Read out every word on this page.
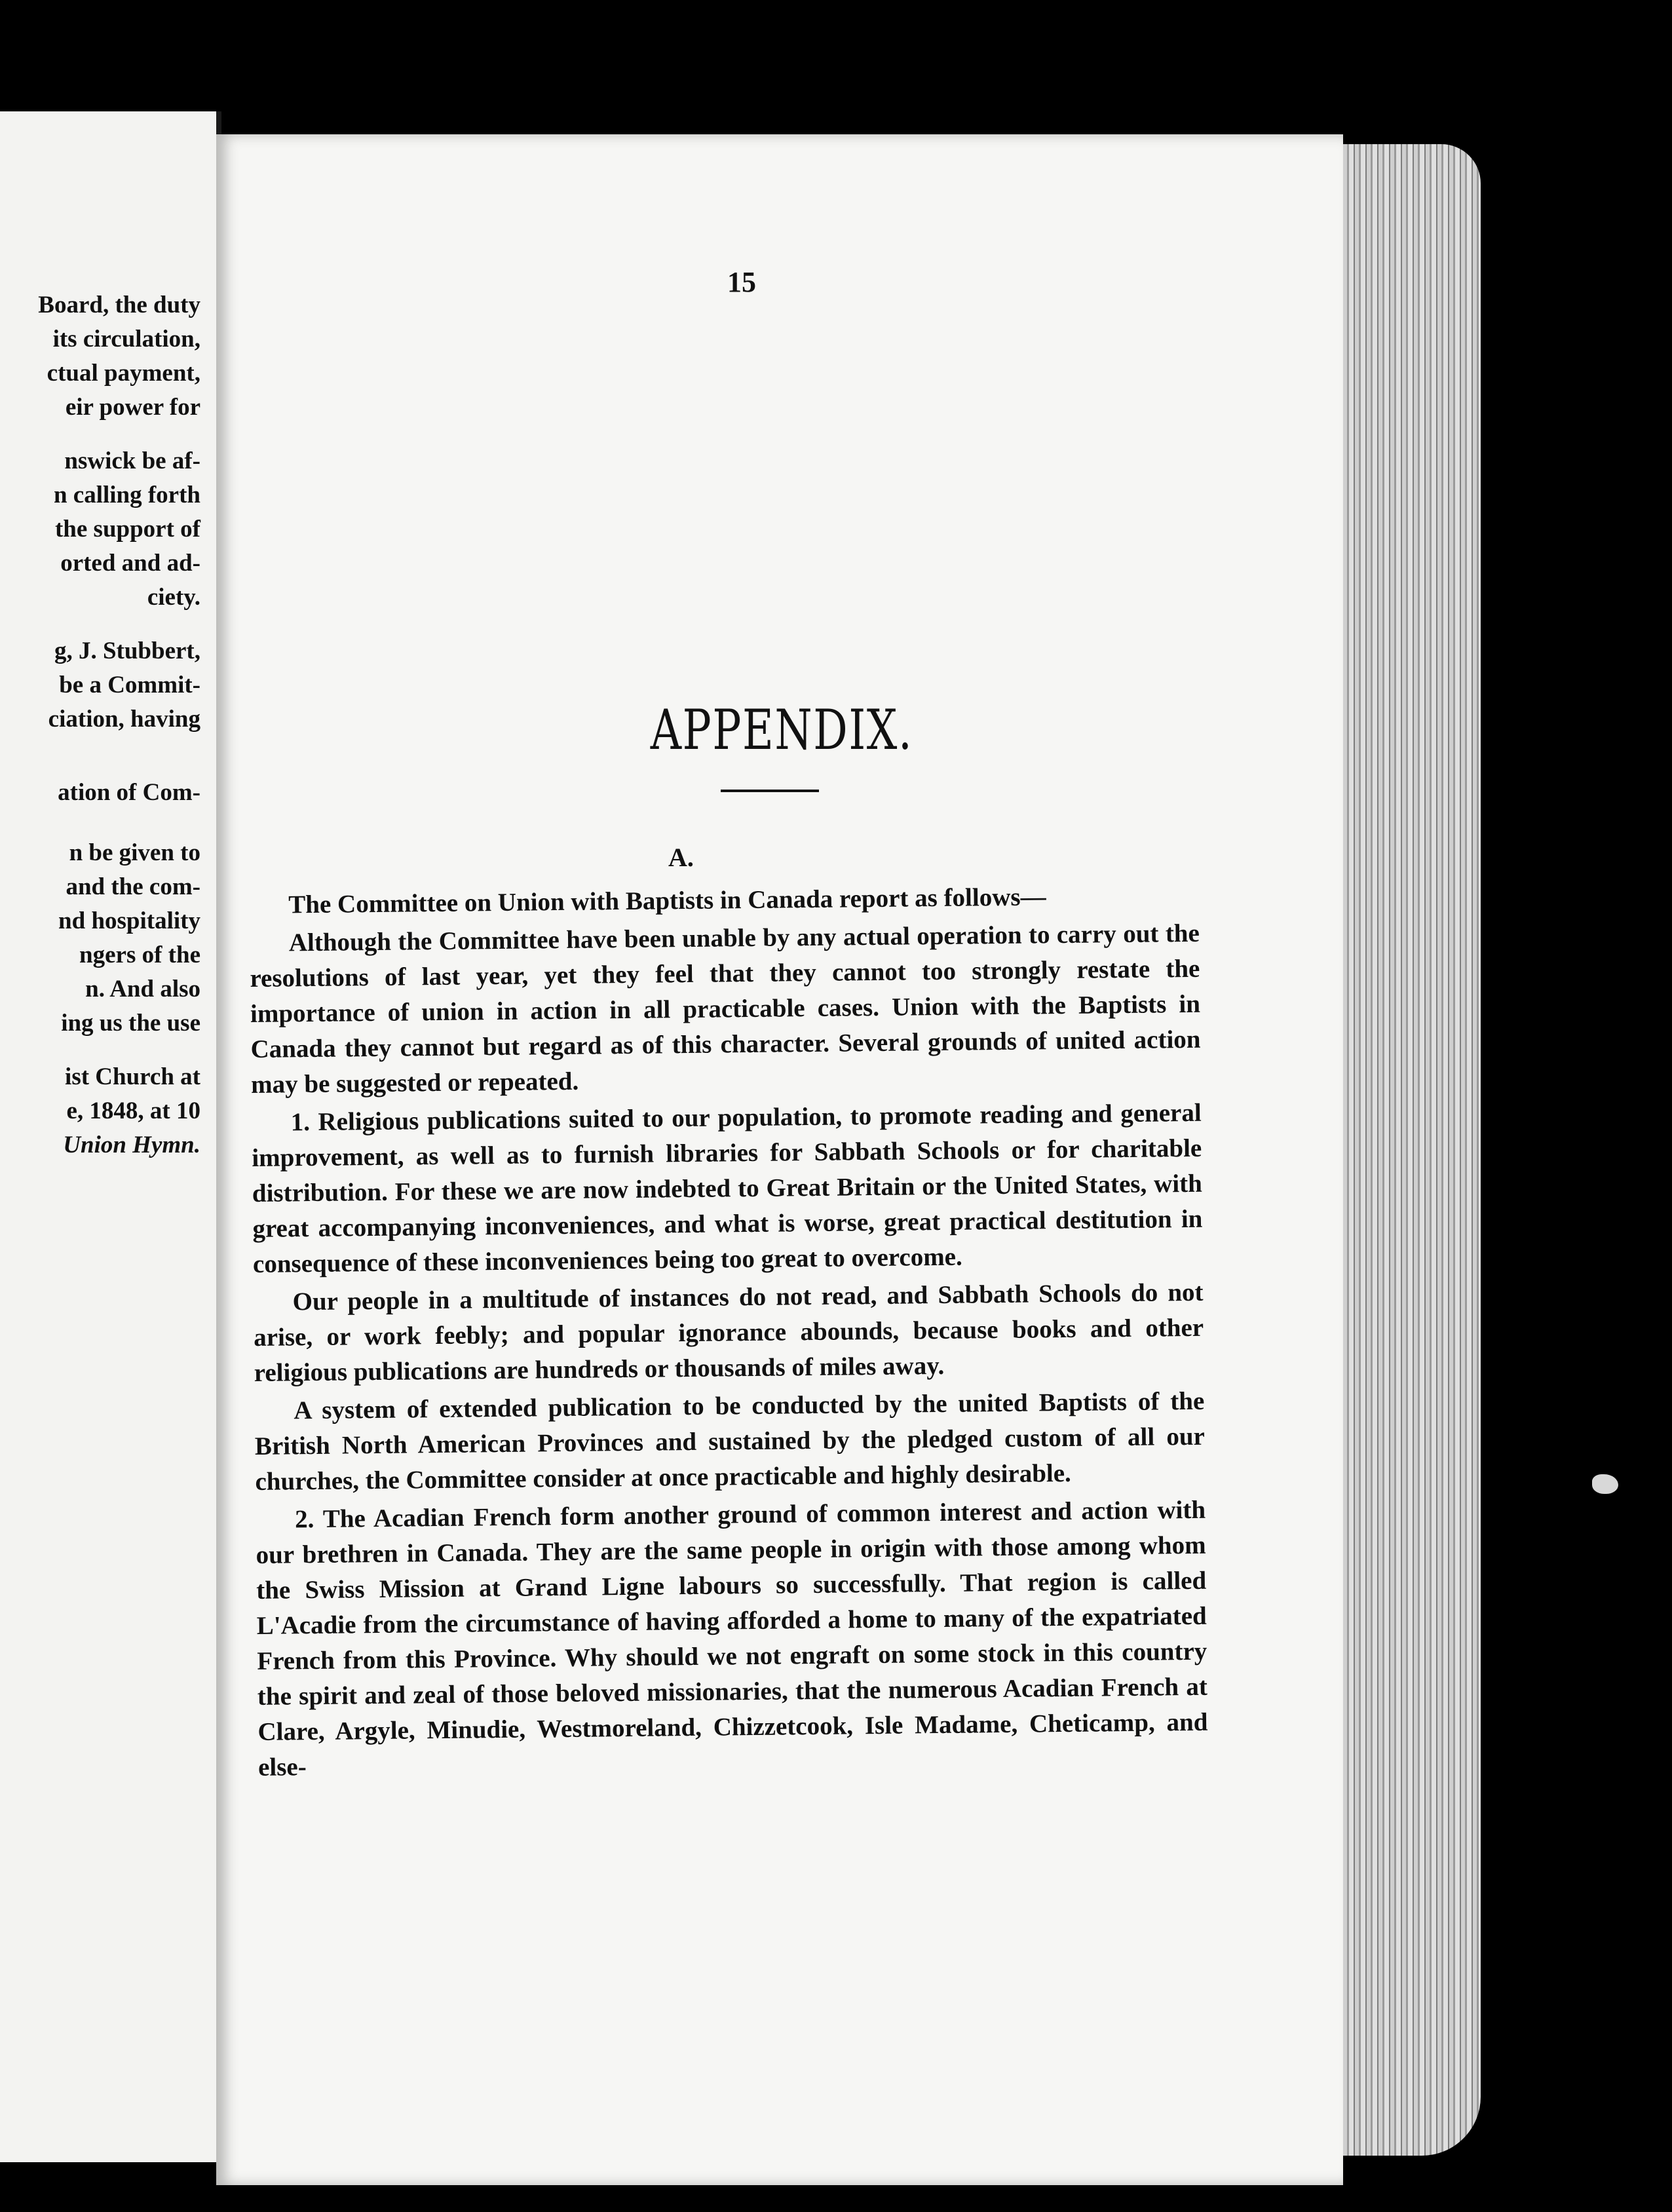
Board, the duty
its circulation,
ctual payment,
eir power for
nswick be af-
n calling forth
the support of
orted and ad-
ciety.
g, J. Stubbert,
be a Commit-
ciation, having
ation of Com-
n be given to
and the com-
nd hospitality
ngers of the
n. And also
ing us the use
ist Church at
e, 1848, at 10
Union Hymn.
15
APPENDIX.
A.

The Committee on Union with Baptists in Canada report as follows—

Although the Committee have been unable by any actual operation to carry out the resolutions of last year, yet they feel that they cannot too strongly restate the importance of union in action in all practicable cases. Union with the Baptists in Canada they cannot but regard as of this character. Several grounds of united action may be suggested or repeated.

1. Religious publications suited to our population, to promote reading and general improvement, as well as to furnish libraries for Sabbath Schools or for charitable distribution. For these we are now indebted to Great Britain or the United States, with great accompanying inconveniences, and what is worse, great practical destitution in consequence of these inconveniences being too great to overcome.

Our people in a multitude of instances do not read, and Sabbath Schools do not arise, or work feebly; and popular ignorance abounds, because books and other religious publications are hundreds or thousands of miles away.

A system of extended publication to be conducted by the united Baptists of the British North American Provinces and sustained by the pledged custom of all our churches, the Committee consider at once practicable and highly desirable.

2. The Acadian French form another ground of common interest and action with our brethren in Canada. They are the same people in origin with those among whom the Swiss Mission at Grand Ligne labours so successfully. That region is called L'Acadie from the circumstance of having afforded a home to many of the expatriated French from this Province. Why should we not engraft on some stock in this country the spirit and zeal of those beloved missionaries, that the numerous Acadian French at Clare, Argyle, Minudie, Westmoreland, Chizzetcook, Isle Madame, Cheticamp, and else-
